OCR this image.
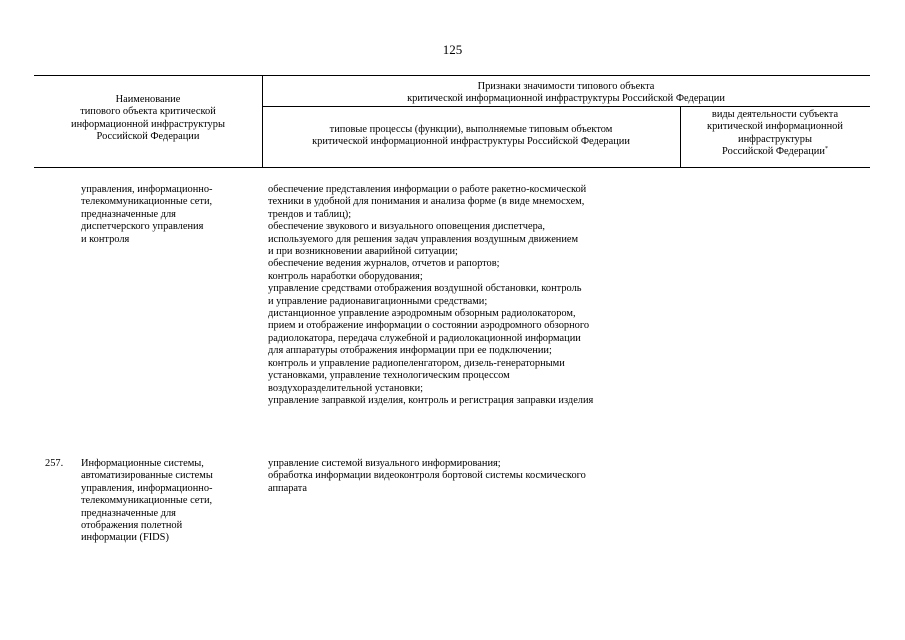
125
Наименование
типового объекта критической
информационной инфраструктуры
Российской Федерации
Признаки значимости типового объекта
критической информационной инфраструктуры Российской Федерации
типовые процессы (функции), выполняемые типовым объектом
критической информационной инфраструктуры Российской Федерации
виды деятельности субъекта
критической информационной
инфраструктуры
Российской Федерации*
управления, информационно-
телекоммуникационные сети,
предназначенные для
диспетчерского управления
и контроля
обеспечение представления информации о работе ракетно-космической
техники в удобной для понимания и анализа форме (в виде мнемосхем,
трендов и таблиц);
обеспечение звукового и визуального оповещения диспетчера,
используемого для решения задач управления воздушным движением
и при возникновении аварийной ситуации;
обеспечение ведения журналов, отчетов и рапортов;
контроль наработки оборудования;
управление средствами отображения воздушной обстановки, контроль
и управление радионавигационными средствами;
дистанционное управление аэродромным обзорным радиолокатором,
прием и отображение информации о состоянии аэродромного обзорного
радиолокатора, передача служебной и радиолокационной информации
для аппаратуры отображения информации при ее подключении;
контроль и управление радиопеленгатором, дизель-генераторными
установками, управление технологическим процессом
воздухоразделительной установки;
управление заправкой изделия, контроль и регистрация заправки изделия
257. Информационные системы,
автоматизированные системы
управления, информационно-
телекоммуникационные сети,
предназначенные для
отображения полетной
информации (FIDS)
управление системой визуального информирования;
обработка информации видеоконтроля бортовой системы космического
аппарата
